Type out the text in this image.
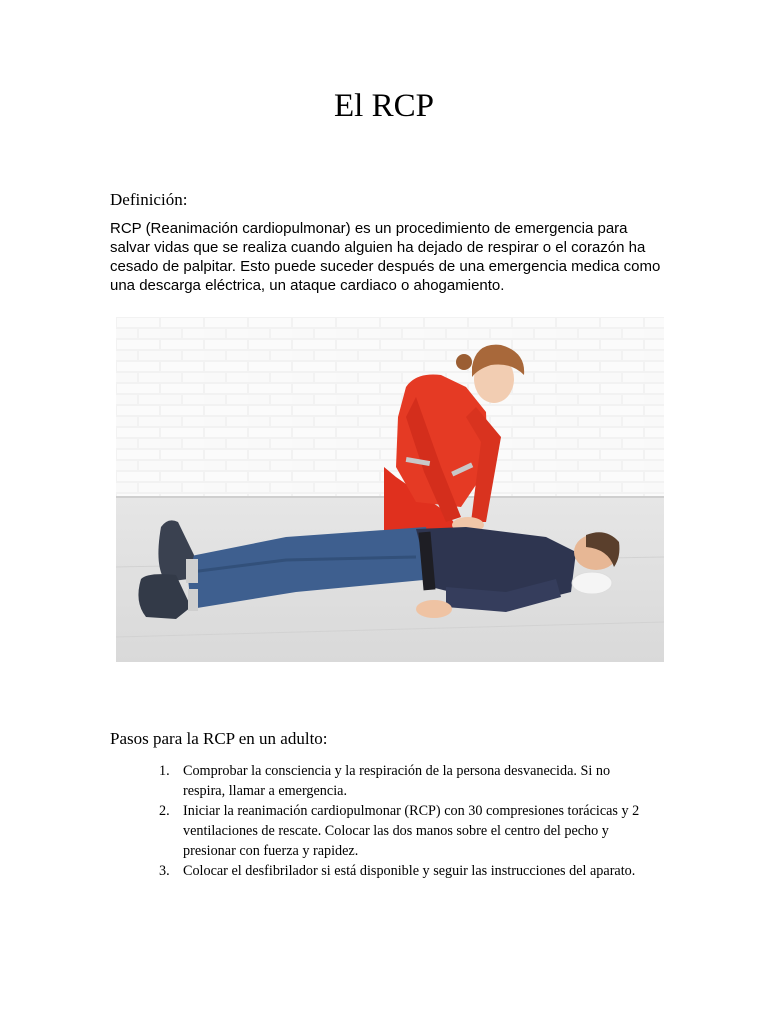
El RCP
Definición:

RCP (Reanimación cardiopulmonar) es un procedimiento de emergencia para salvar vidas que se realiza cuando alguien ha dejado de respirar o el corazón ha cesado de palpitar. Esto puede suceder después de una emergencia medica como una descarga eléctrica, un ataque cardiaco o ahogamiento.

Pasos para la RCP en un adulto:
1. Comprobar la consciencia y la respiración de la persona desvanecida. Si no respira, llamar a emergencia.
2. Iniciar la reanimación cardiopulmonar (RCP) con 30 compresiones torácicas y 2 ventilaciones de rescate. Colocar las dos manos sobre el centro del pecho y presionar con fuerza y rapidez.
3. Colocar el desfibrilador si está disponible y seguir las instrucciones del aparato.
